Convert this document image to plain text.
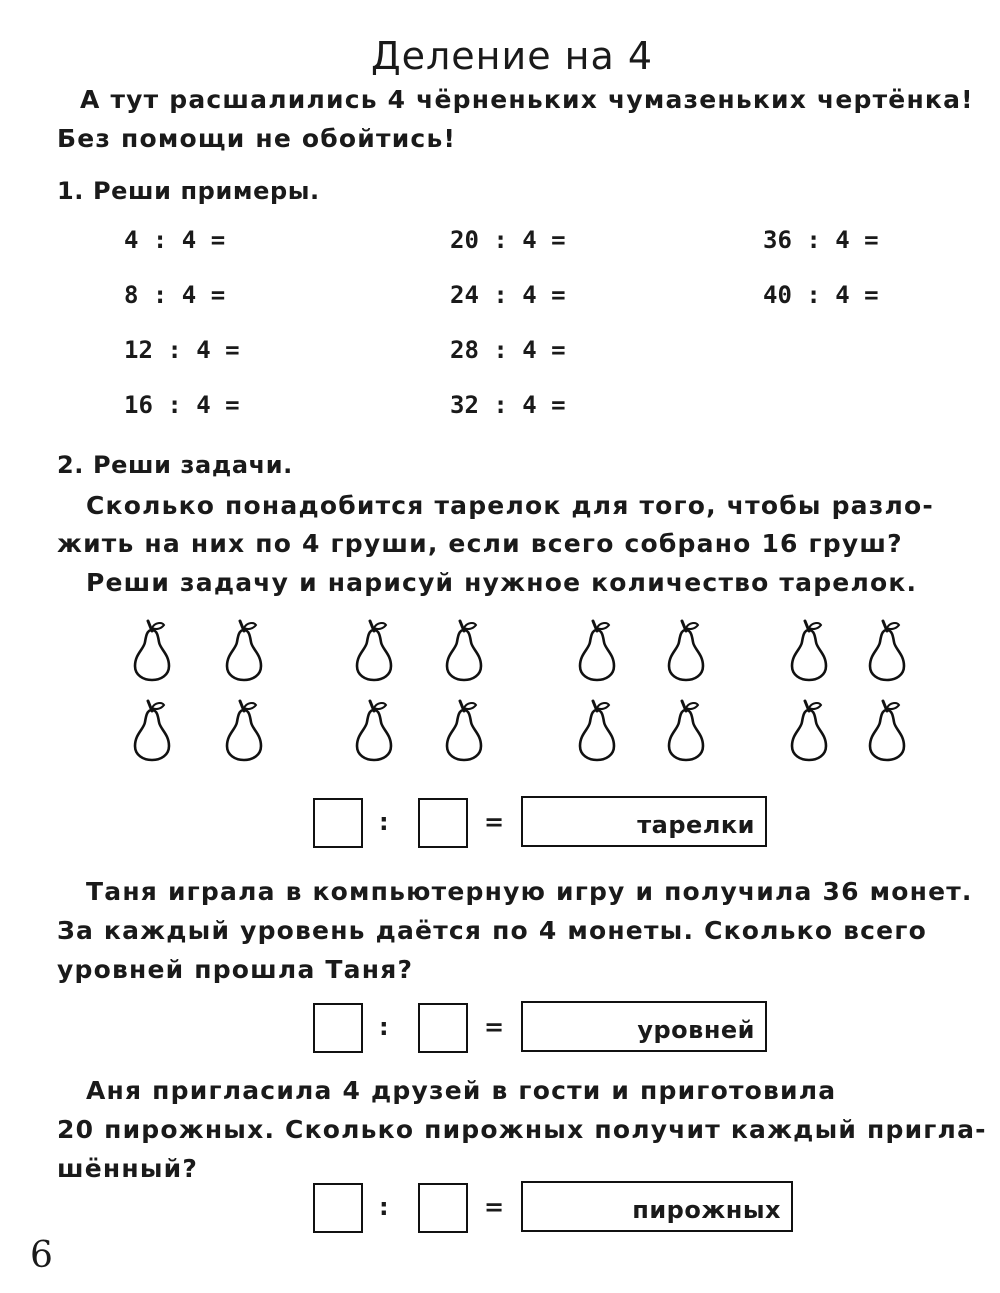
Деление на 4
А тут расшалились 4 чёрненьких чумазеньких чертёнка!
Без помощи не обойтись!
1. Реши примеры.
4 : 4 =
8 : 4 =
12 : 4 =
16 : 4 =
20 : 4 =
24 : 4 =
28 : 4 =
32 : 4 =
36 : 4 =
40 : 4 =
2. Реши задачи.
Сколько понадобится тарелок для того, чтобы разло-
жить на них по 4 груши, если всего собрано 16 груш?
Реши задачу и нарисуй нужное количество тарелок.
:	=	тарелки
Таня играла в компьютерную игру и получила 36 монет.
За каждый уровень даётся по 4 монеты. Сколько всего
уровней прошла Таня?
:	=	уровней
Аня пригласила 4 друзей в гости и приготовила
20 пирожных. Сколько пирожных получит каждый пригла-
шённый?
:	=	пирожных
6
